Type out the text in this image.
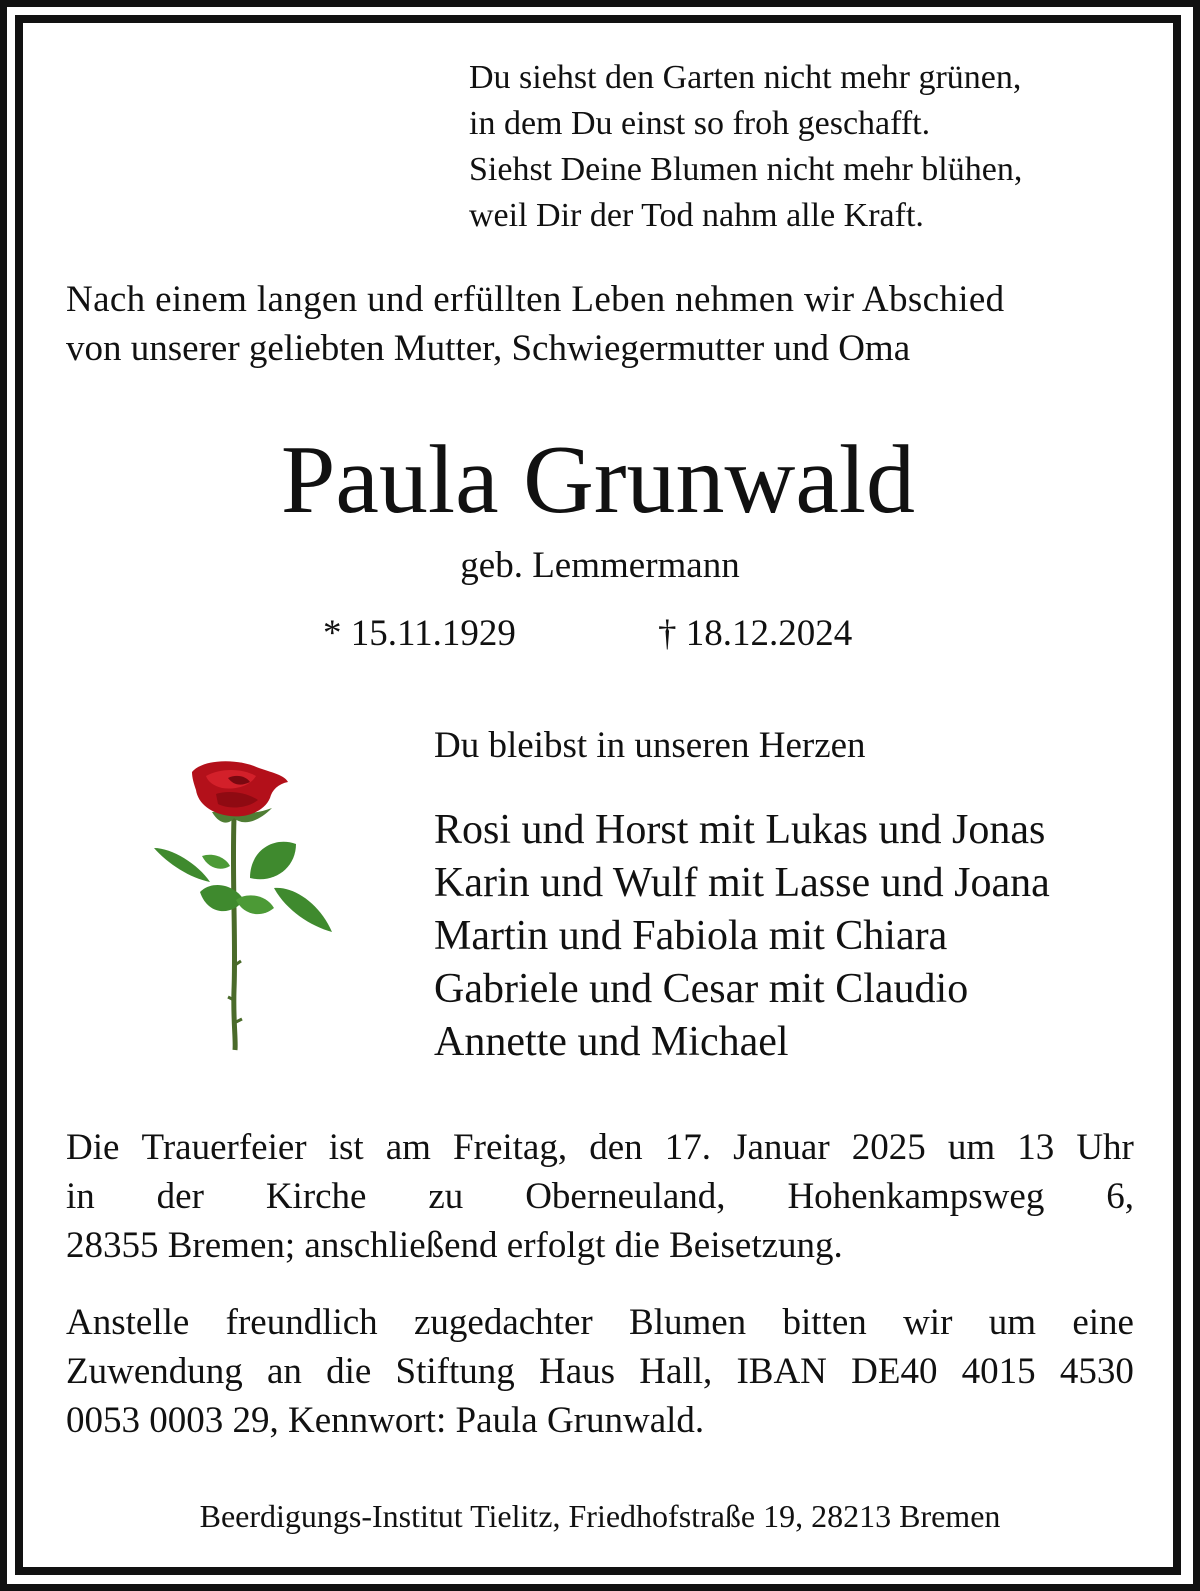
Du siehst den Garten nicht mehr grünen,
in dem Du einst so froh geschafft.
Siehst Deine Blumen nicht mehr blühen,
weil Dir der Tod nahm alle Kraft.
Nach einem langen und erfüllten Leben nehmen wir Abschied
von unserer geliebten Mutter, Schwiegermutter und Oma
Paula Grunwald
geb. Lemmermann
* 15.11.1929	† 18.12.2024
Du bleibst in unseren Herzen
Rosi und Horst mit Lukas und Jonas
Karin und Wulf mit Lasse und Joana
Martin und Fabiola mit Chiara
Gabriele und Cesar mit Claudio
Annette und Michael
Die Trauerfeier ist am Freitag, den 17. Januar 2025 um 13 Uhr
in der Kirche zu Oberneuland, Hohenkampsweg 6,
28355 Bremen; anschließend erfolgt die Beisetzung.
Anstelle freundlich zugedachter Blumen bitten wir um eine
Zuwendung an die Stiftung Haus Hall, IBAN DE40 4015 4530
0053 0003 29, Kennwort: Paula Grunwald.
Beerdigungs-Institut Tielitz, Friedhofstraße 19, 28213 Bremen
